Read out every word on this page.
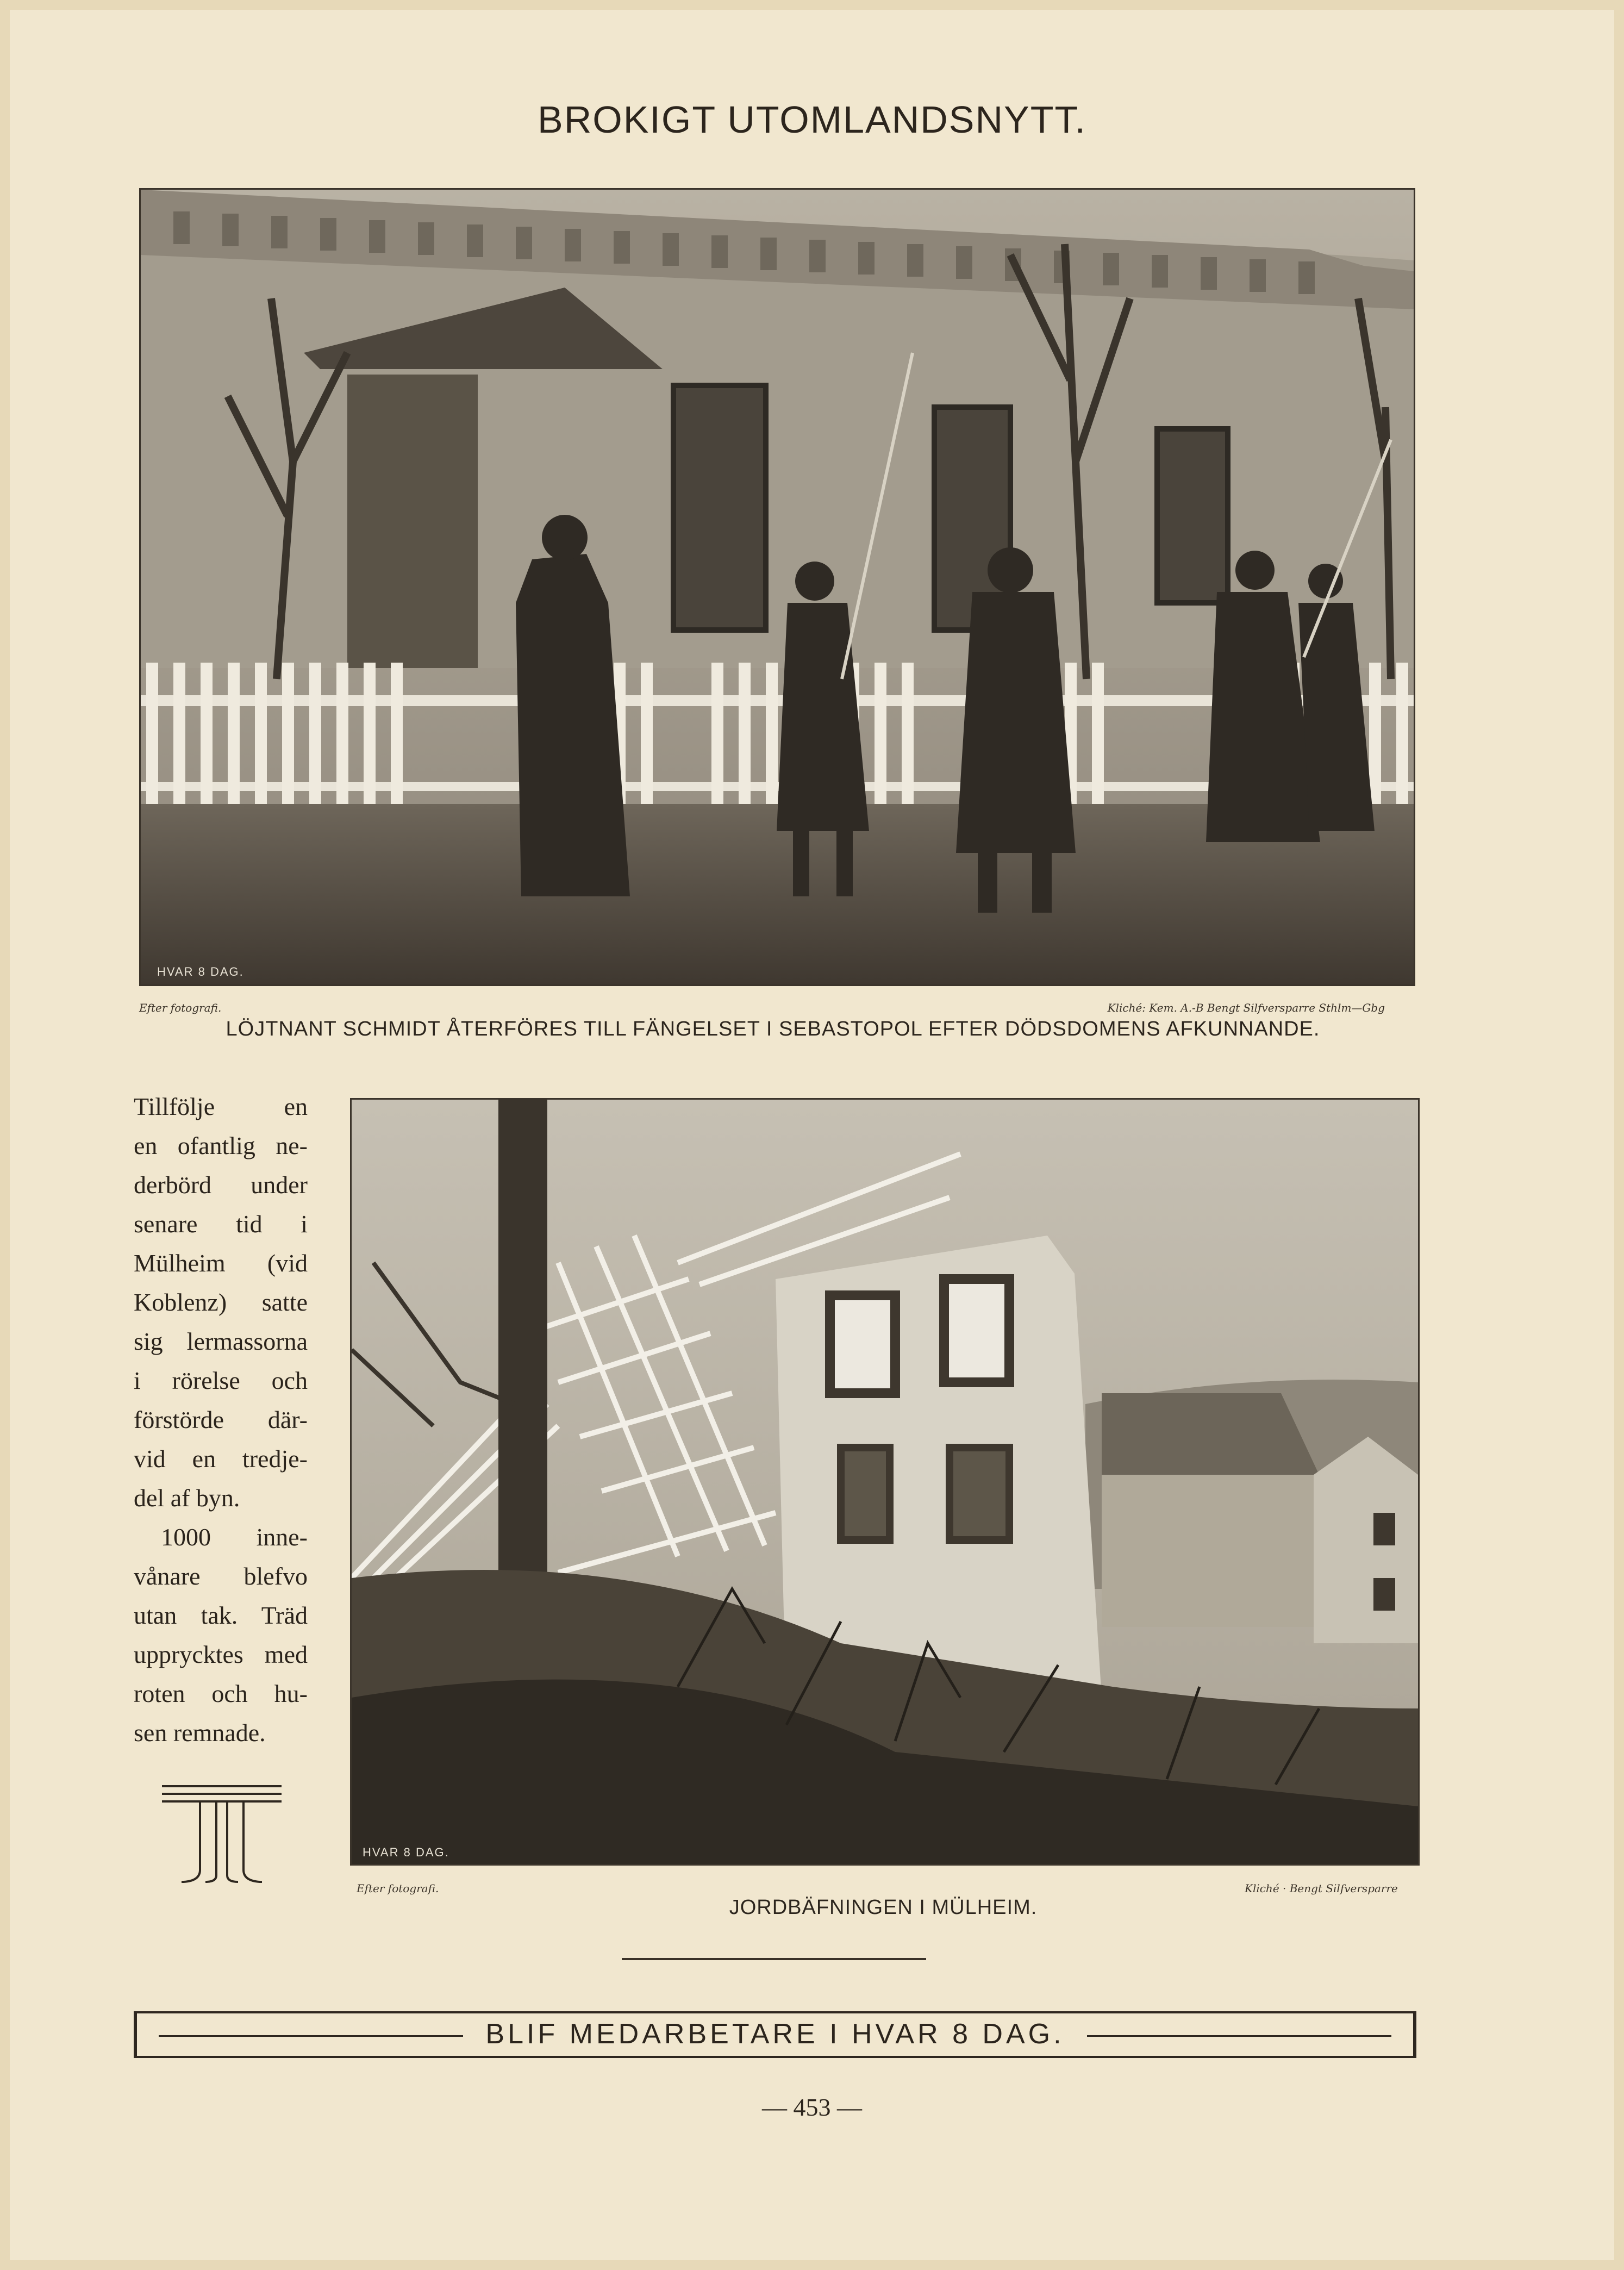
BROKIGT UTOMLANDSNYTT.
HVAR 8 DAG.
Efter fotografi.	Kliché: Kem. A.-B Bengt Silfversparre Sthlm—Gbg
LÖJTNANT SCHMIDT ÅTERFÖRES TILL FÄNGELSET I SEBASTOPOL EFTER DÖDSDOMENS AFKUNNANDE.
Tillfölje en
en ofantlig ne-
derbörd under
senare tid i
Mülheim (vid
Koblenz) satte
sig lermassorna
i rörelse och
förstörde där-
vid en tredje-
del af byn.
1000 inne-
vånare blefvo
utan tak. Träd
upprycktes med
roten och hu-
sen remnade.
HVAR 8 DAG.
Efter fotografi.	Kliché · Bengt Silfversparre
JORDBÄFNINGEN I MÜLHEIM.
BLIF MEDARBETARE I HVAR 8 DAG.
— 453 —
